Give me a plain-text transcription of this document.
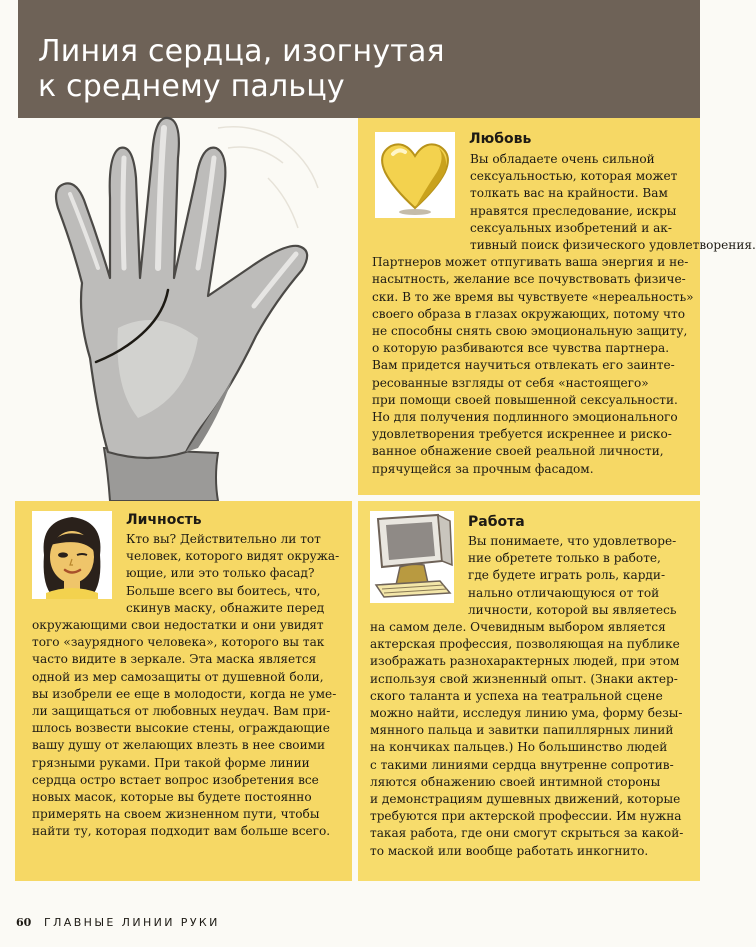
Линия сердца, изогнутая
к среднему пальцу
Любовь
Вы обладаете очень сильной
сексуальностью, которая может
толкать вас на крайности. Вам
нравятся преследование, искры
сексуальных изобретений и ак-
тивный поиск физического удовлетворения.
Партнеров может отпугивать ваша энергия и не-
насытность, желание все почувствовать физиче-
ски. В то же время вы чувствуете «нереальность»
своего образа в глазах окружающих, потому что
не способны снять свою эмоциональную защиту,
о которую разбиваются все чувства партнера.
Вам придется научиться отвлекать его заинте-
ресованные взгляды от себя «настоящего»
при помощи своей повышенной сексуальности.
Но для получения подлинного эмоционального
удовлетворения требуется искреннее и риско-
ванное обнажение своей реальной личности,
прячущейся за прочным фасадом.
Личность
Кто вы? Действительно ли тот
человек, которого видят окружа-
ющие, или это только фасад?
Больше всего вы боитесь, что,
скинув маску, обнажите перед
окружающими свои недостатки и они увидят
того «заурядного человека», которого вы так
часто видите в зеркале. Эта маска является
одной из мер самозащиты от душевной боли,
вы изобрели ее еще в молодости, когда не уме-
ли защищаться от любовных неудач. Вам при-
шлось возвести высокие стены, ограждающие
вашу душу от желающих влезть в нее своими
грязными руками. При такой форме линии
сердца остро встает вопрос изобретения все
новых масок, которые вы будете постоянно
примерять на своем жизненном пути, чтобы
найти ту, которая подходит вам больше всего.
Работа
Вы понимаете, что удовлетворе-
ние обретете только в работе,
где будете играть роль, карди-
нально отличающуюся от той
личности, которой вы являетесь
на самом деле. Очевидным выбором является
актерская профессия, позволяющая на публике
изображать разнохарактерных людей, при этом
используя свой жизненный опыт. (Знаки актер-
ского таланта и успеха на театральной сцене
можно найти, исследуя линию ума, форму безы-
мянного пальца и завитки папиллярных линий
на кончиках пальцев.) Но большинство людей
с такими линиями сердца внутренне сопротив-
ляются обнажению своей интимной стороны
и демонстрациям душевных движений, которые
требуются при актерской профессии. Им нужна
такая работа, где они смогут скрыться за какой-
то маской или вообще работать инкогнито.
60 ГЛАВНЫЕ ЛИНИИ РУКИ
